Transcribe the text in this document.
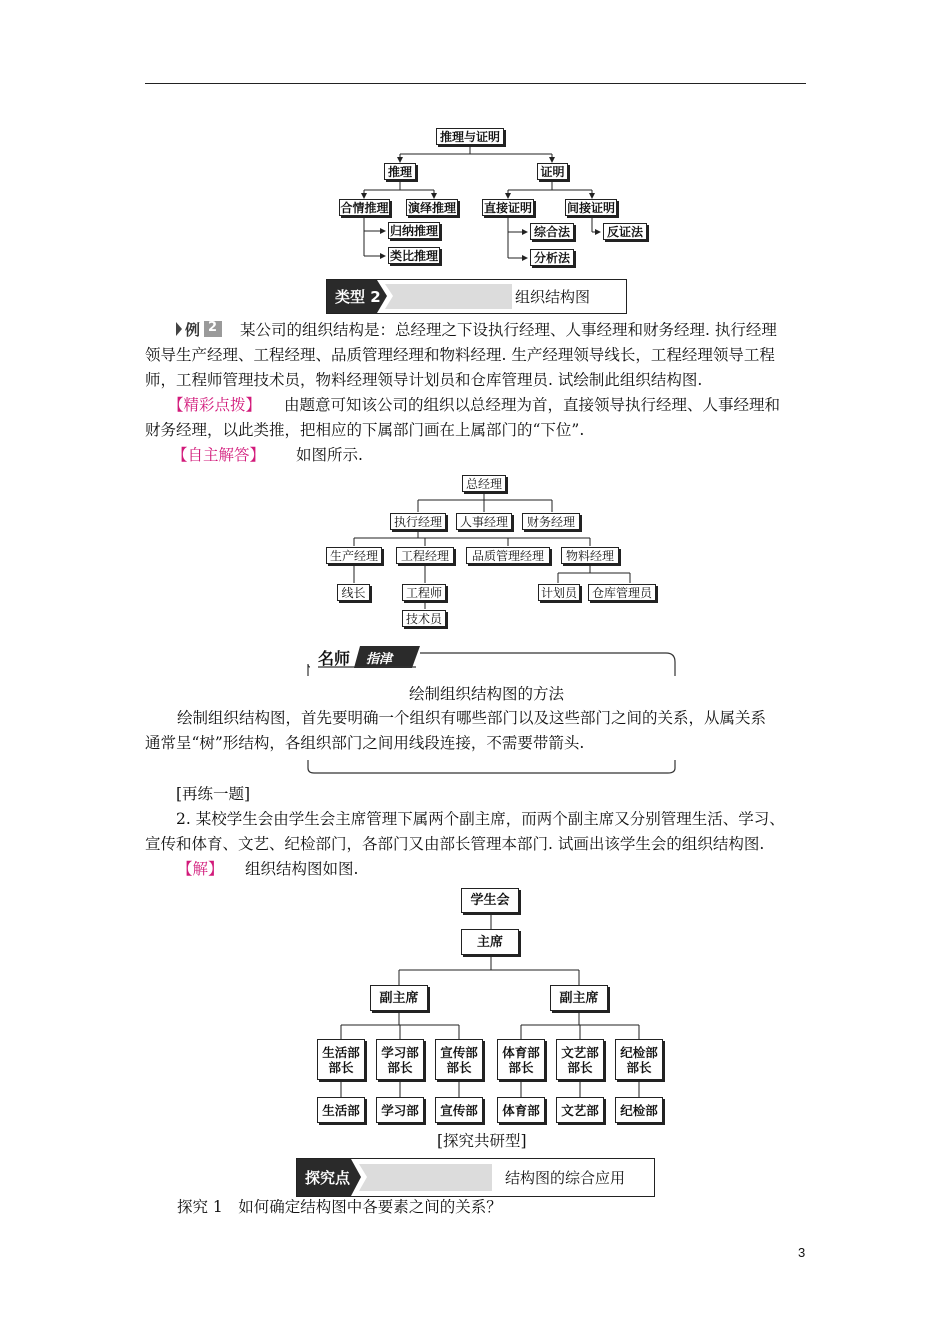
推理与证明
推理	证明
合情推理 演绎推理 直接证明	间接证明
归纳推理
类比推理
综合法
分析法
反证法
类型 2	组织结构图
例 2 某公司的组织结构是：总经理之下设执行经理、人事经理和财务经理. 执行经理
领导生产经理、工程经理、品质管理经理和物料经理. 生产经理领导线长，工程经理领导工程
师，工程师管理技术员，物料经理领导计划员和仓库管理员. 试绘制此组织结构图.
【精彩点拨】 由题意可知该公司的组织以总经理为首，直接领导执行经理、人事经理和
财务经理，以此类推，把相应的下属部门画在上属部门的“下位”.
【自主解答】 如图所示.
总经理
执行经理	人事经理	财务经理
生产经理	工程经理	品质管理经理	物料经理
线长	工程师	计划员	仓库管理员
技术员
名师 指津
绘制组织结构图的方法
绘制组织结构图，首先要明确一个组织有哪些部门以及这些部门之间的关系，从属关系
通常呈“树”形结构，各组织部门之间用线段连接，不需要带箭头.
[再练一题]
2. 某校学生会由学生会主席管理下属两个副主席，而两个副主席又分别管理生活、学习、
宣传和体育、文艺、纪检部门，各部门又由部长管理本部门. 试画出该学生会的组织结构图.
【解】 组织结构图如图.
学生会
主席
副主席	副主席
生活部
部长
学习部
部长
宣传部
部长
体育部
部长
文艺部
部长
纪检部
部长
生活部	学习部	宣传部	体育部	文艺部	纪检部
[探究共研型]
探究点	结构图的综合应用
探究 1　如何确定结构图中各要素之间的关系？
3
